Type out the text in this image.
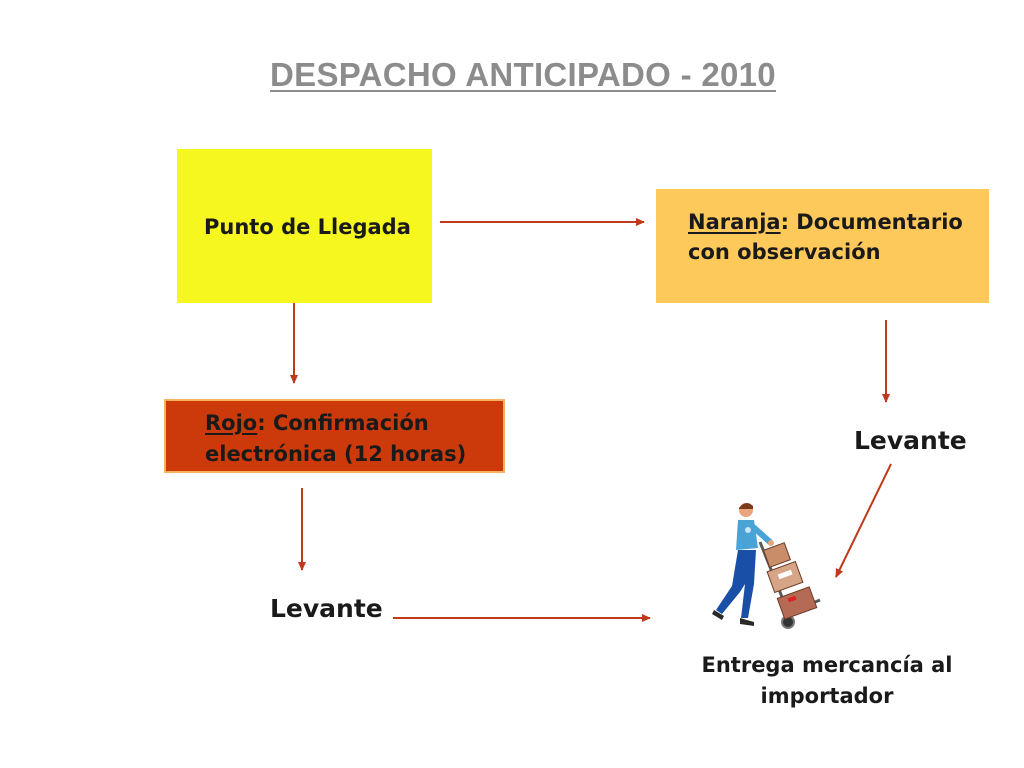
DESPACHO ANTICIPADO - 2010
Punto de Llegada	Naranja: Documentario
con observación
Rojo: Confirmación
electrónica (12 horas)	Levante
Levante
Entrega mercancía al importador
